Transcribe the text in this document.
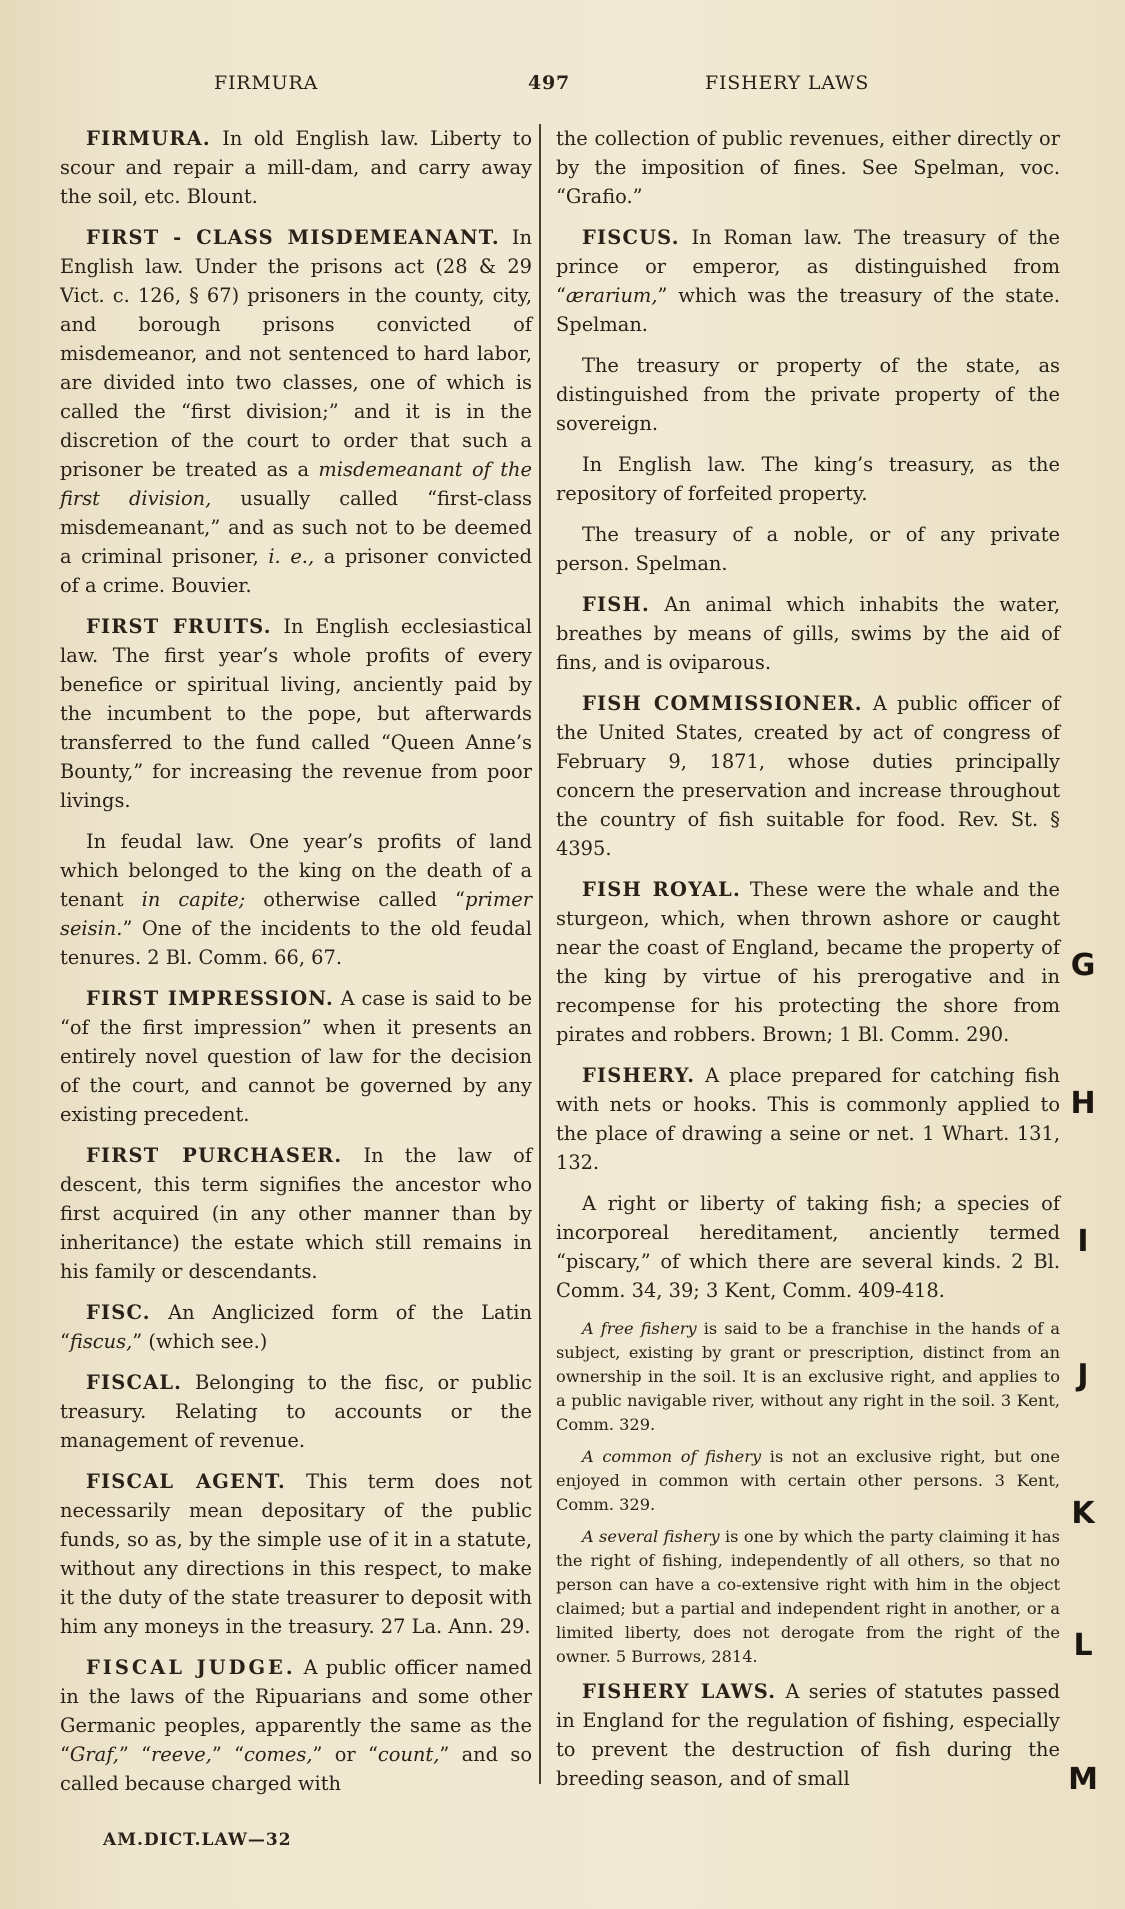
FIRMURA	497	FISHERY LAWS

FIRMURA. In old English law. Liberty to scour and repair a mill-dam, and carry away the soil, etc. Blount.

FIRST - CLASS MISDEMEANANT. In English law. Under the prisons act (28 & 29 Vict. c. 126, § 67) prisoners in the county, city, and borough prisons convicted of misdemeanor, and not sentenced to hard labor, are divided into two classes, one of which is called the “first division;” and it is in the discretion of the court to order that such a prisoner be treated as a misdemeanant of the first division, usually called “first-class misdemeanant,” and as such not to be deemed a criminal prisoner, i. e., a prisoner convicted of a crime. Bouvier.

FIRST FRUITS. In English ecclesiastical law. The first year’s whole profits of every benefice or spiritual living, anciently paid by the incumbent to the pope, but afterwards transferred to the fund called “Queen Anne’s Bounty,” for increasing the revenue from poor livings.

In feudal law. One year’s profits of land which belonged to the king on the death of a tenant in capite; otherwise called “primer seisin.” One of the incidents to the old feudal tenures. 2 Bl. Comm. 66, 67.

FIRST IMPRESSION. A case is said to be “of the first impression” when it presents an entirely novel question of law for the decision of the court, and cannot be governed by any existing precedent.

FIRST PURCHASER. In the law of descent, this term signifies the ancestor who first acquired (in any other manner than by inheritance) the estate which still remains in his family or descendants.

FISC. An Anglicized form of the Latin “fiscus,” (which see.)

FISCAL. Belonging to the fisc, or public treasury. Relating to accounts or the management of revenue.

FISCAL AGENT. This term does not necessarily mean depositary of the public funds, so as, by the simple use of it in a statute, without any directions in this respect, to make it the duty of the state treasurer to deposit with him any moneys in the treasury. 27 La. Ann. 29.

FISCAL JUDGE. A public officer named in the laws of the Ripuarians and some other Germanic peoples, apparently the same as the “Graf,” “reeve,” “comes,” or “count,” and so called because charged with

the collection of public revenues, either directly or by the imposition of fines. See Spelman, voc. “Grafio.”

FISCUS. In Roman law. The treasury of the prince or emperor, as distinguished from “ærarium,” which was the treasury of the state. Spelman.

The treasury or property of the state, as distinguished from the private property of the sovereign.

In English law. The king’s treasury, as the repository of forfeited property.

The treasury of a noble, or of any private person. Spelman.

FISH. An animal which inhabits the water, breathes by means of gills, swims by the aid of fins, and is oviparous.

FISH COMMISSIONER. A public officer of the United States, created by act of congress of February 9, 1871, whose duties principally concern the preservation and increase throughout the country of fish suitable for food. Rev. St. § 4395.

FISH ROYAL. These were the whale and the sturgeon, which, when thrown ashore or caught near the coast of England, became the property of the king by virtue of his prerogative and in recompense for his protecting the shore from pirates and robbers. Brown; 1 Bl. Comm. 290.

FISHERY. A place prepared for catching fish with nets or hooks. This is commonly applied to the place of drawing a seine or net. 1 Whart. 131, 132.

A right or liberty of taking fish; a species of incorporeal hereditament, anciently termed “piscary,” of which there are several kinds. 2 Bl. Comm. 34, 39; 3 Kent, Comm. 409-418.

A free fishery is said to be a franchise in the hands of a subject, existing by grant or prescription, distinct from an ownership in the soil. It is an exclusive right, and applies to a public navigable river, without any right in the soil. 3 Kent, Comm. 329.

A common of fishery is not an exclusive right, but one enjoyed in common with certain other persons. 3 Kent, Comm. 329.

A several fishery is one by which the party claiming it has the right of fishing, independently of all others, so that no person can have a co-extensive right with him in the object claimed; but a partial and independent right in another, or a limited liberty, does not derogate from the right of the owner. 5 Burrows, 2814.

FISHERY LAWS. A series of statutes passed in England for the regulation of fishing, especially to prevent the destruction of fish during the breeding season, and of small

AM.DICT.LAW—32
G
H
I
J
K
L
M
